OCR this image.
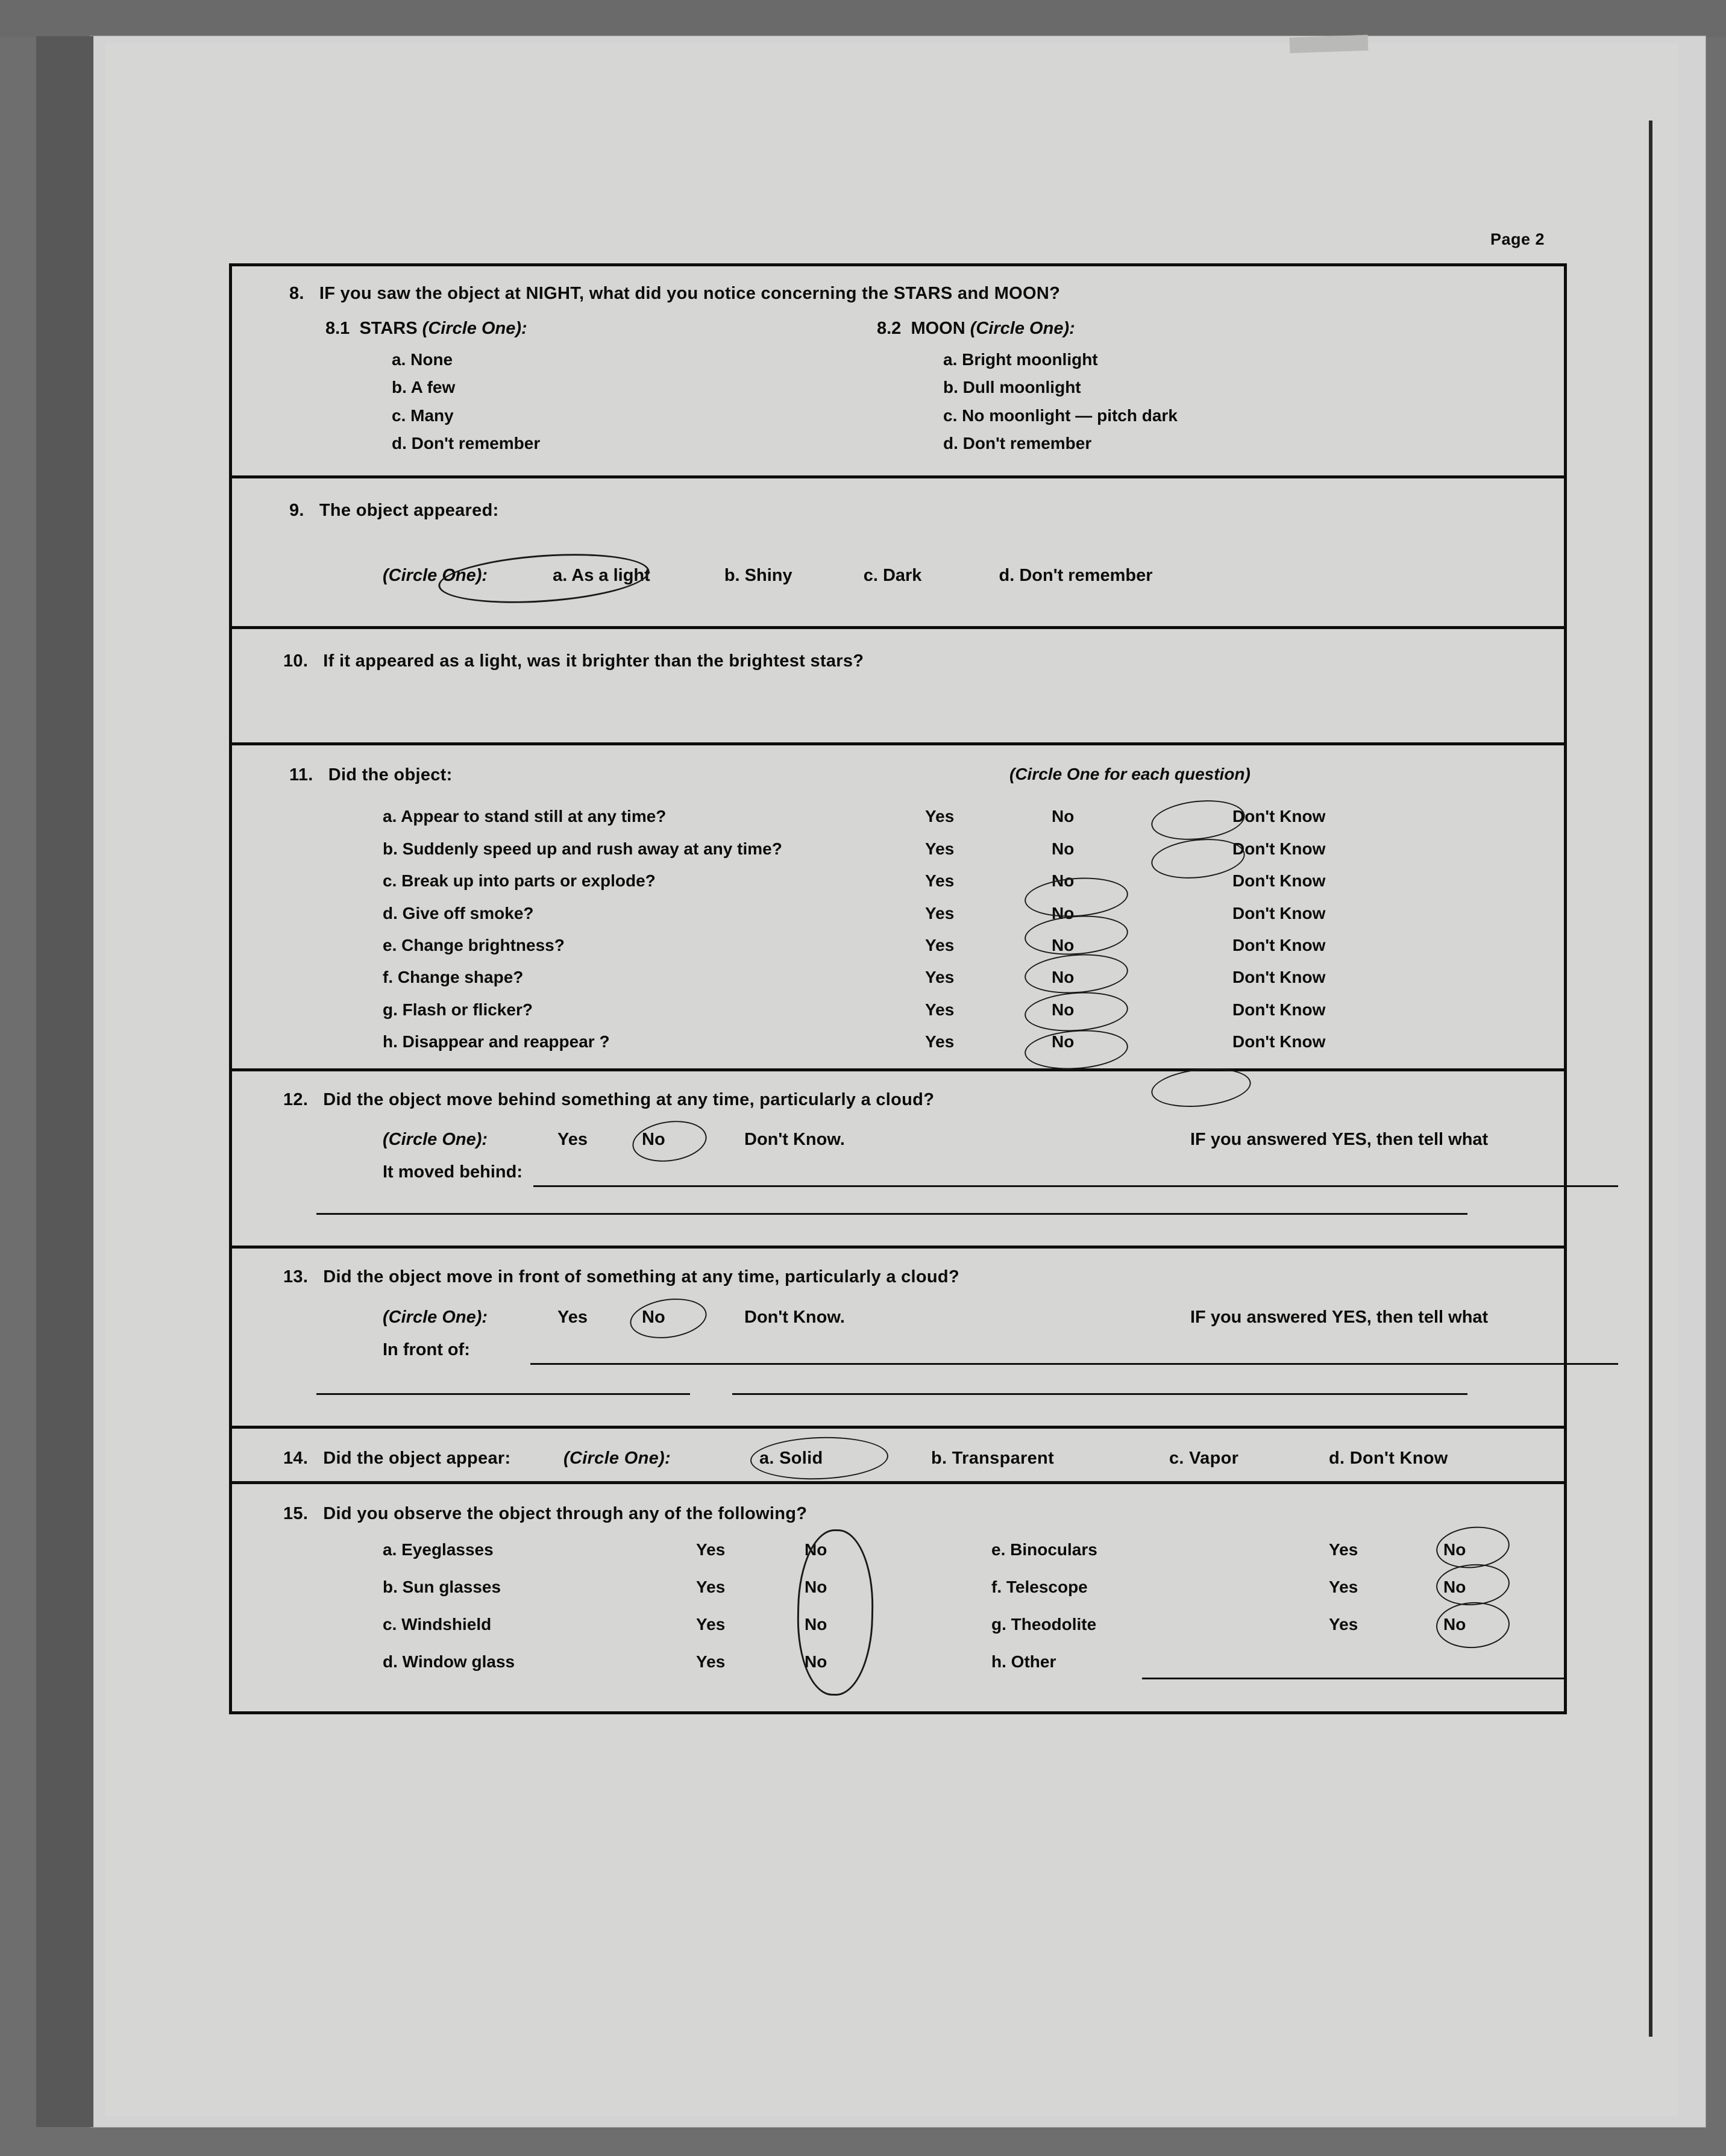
Page 2
8. IF you saw the object at NIGHT, what did you notice concerning the STARS and MOON?
8.1 STARS (Circle One):
a. None
b. A few
c. Many
d. Don't remember
8.2 MOON (Circle One):
a. Bright moonlight
b. Dull moonlight
c. No moonlight — pitch dark
d. Don't remember
9. The object appeared:
(Circle One):	a. As a light	b. Shiny	c. Dark	d. Don't remember
10. If it appeared as a light, was it brighter than the brightest stars?
11. Did the object:	(Circle One for each question)
a. Appear to stand still at any time?	Yes	No	Don't Know
b. Suddenly speed up and rush away at any time?	Yes	No	Don't Know
c. Break up into parts or explode?	Yes	No	Don't Know
d. Give off smoke?	Yes	No	Don't Know
e. Change brightness?	Yes	No	Don't Know
f. Change shape?	Yes	No	Don't Know
g. Flash or flicker?	Yes	No	Don't Know
h. Disappear and reappear ?	Yes	No	Don't Know
12. Did the object move behind something at any time, particularly a cloud?
(Circle One):	Yes	No	Don't Know.	IF you answered YES, then tell what
It moved behind:
13. Did the object move in front of something at any time, particularly a cloud?
(Circle One):	Yes	No	Don't Know.	IF you answered YES, then tell what
In front of:
14. Did the object appear:	(Circle One):	a. Solid	b. Transparent	c. Vapor	d. Don't Know
15. Did you observe the object through any of the following?
a. Eyeglasses	Yes	No
b. Sun glasses	Yes	No
c. Windshield	Yes	No
d. Window glass	Yes	No
e. Binoculars	Yes	No
f. Telescope	Yes	No
g. Theodolite	Yes	No
h. Other
